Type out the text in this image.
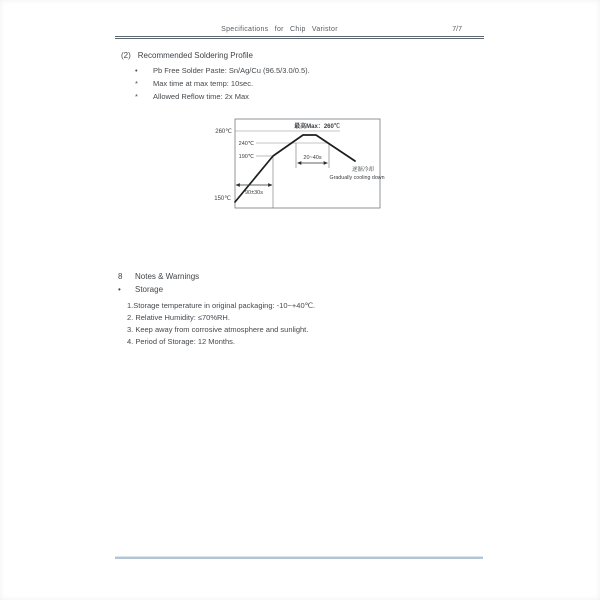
Specifications for Chip Varistor	7/7
(2) Recommended Soldering Profile
• Pb Free Solder Paste: Sn/Ag/Cu (96.5/3.0/0.5).
* Max time at max temp: 10sec.
* Allowed Reflow time: 2x Max
260℃
150℃
240℃
190℃
最高Max：260℃
90±30s
20~40s
逐渐冷却
Gradually cooling down
8 Notes & Warnings
• Storage
1.Storage temperature in original packaging: -10~+40℃.
2. Relative Humidity: ≤70%RH.
3. Keep away from corrosive atmosphere and sunlight.
4. Period of Storage: 12 Months.
